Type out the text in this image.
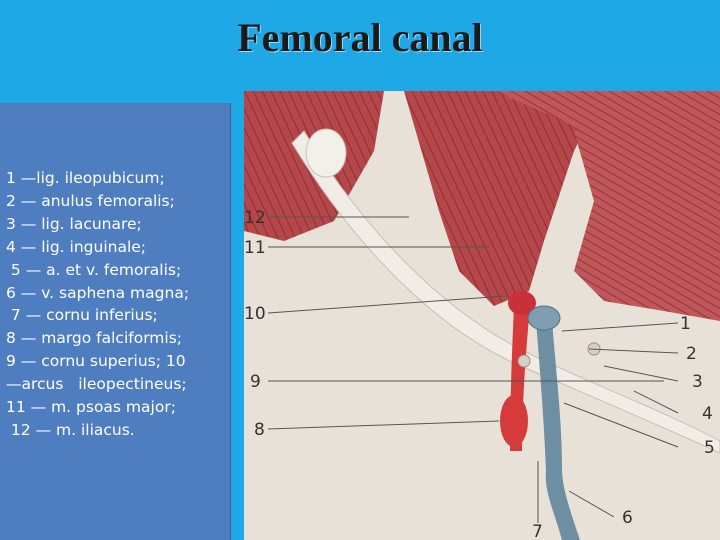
Femoral canal
1 —lig. ileopubicum;
2 — anulus femoralis;
3 — lig. lacunare;
4 — lig. inguinale;
5 — a. et v. femoralis;
6 — v. saphena magna;
7 — cornu inferius;
8 — margo falciformis;
9 — cornu superius; 10
—arcus   ileopectineus;
11 — m. psoas major;
12 — m. iliacus.
12
11
10
9
8
1
2
3
4
5
6
7
